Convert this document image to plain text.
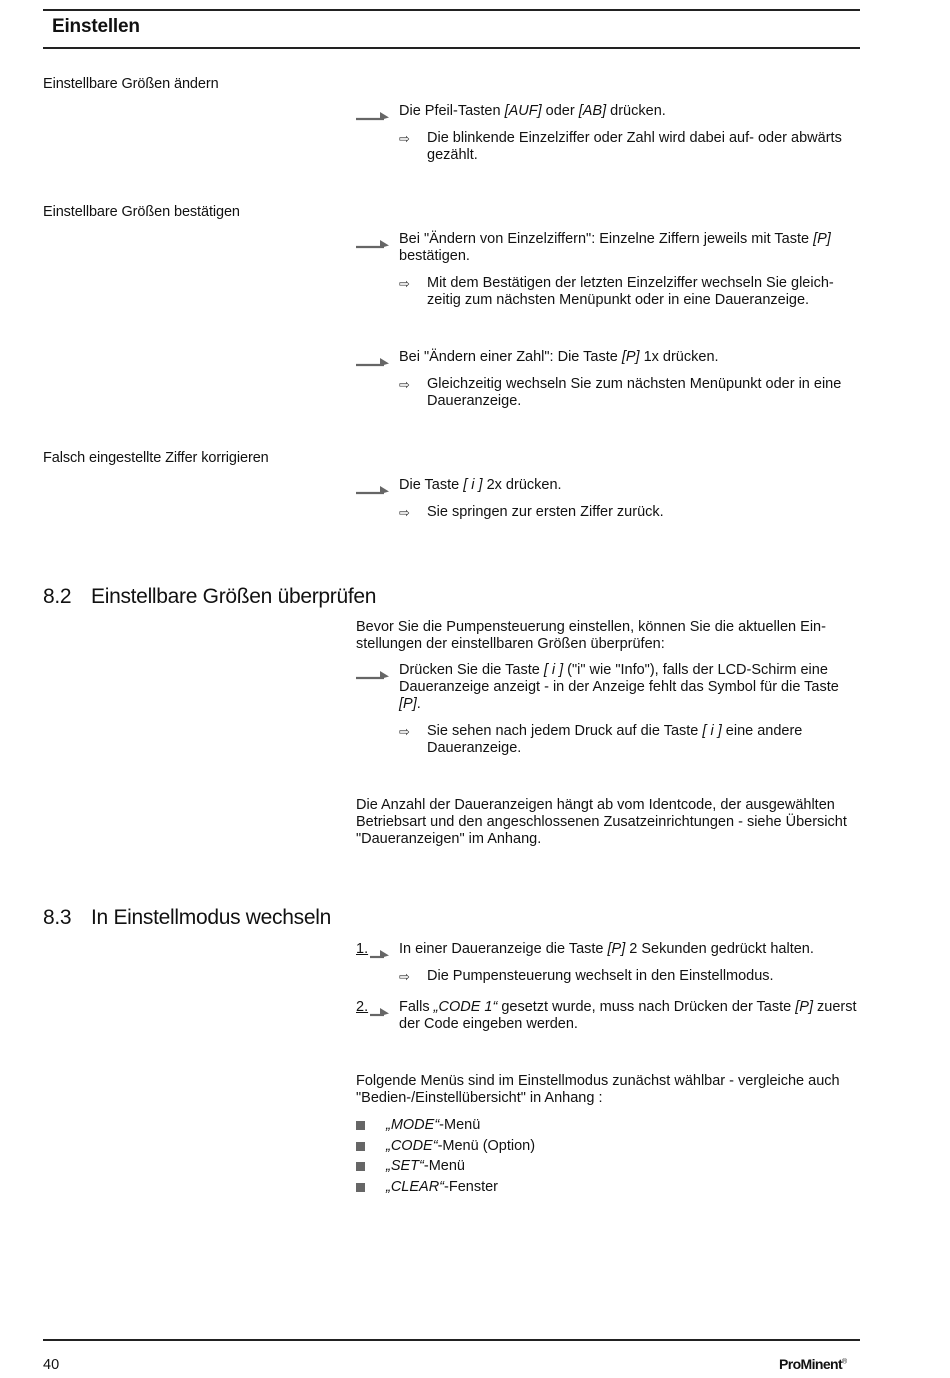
Einstellen
Einstellbare Größen ändern
Die Pfeil-Tasten [AUF] oder [AB] drücken.
⇨ Die blinkende Einzelziffer oder Zahl wird dabei auf- oder abwärts gezählt.
Einstellbare Größen bestätigen
Bei "Ändern von Einzelziffern": Einzelne Ziffern jeweils mit Taste [P] bestätigen.
⇨ Mit dem Bestätigen der letzten Einzelziffer wechseln Sie gleichzeitig zum nächsten Menüpunkt oder in eine Daueranzeige.
Bei "Ändern einer Zahl": Die Taste [P] 1x drücken.
⇨ Gleichzeitig wechseln Sie zum nächsten Menüpunkt oder in eine Daueranzeige.
Falsch eingestellte Ziffer korrigieren
Die Taste [ i ] 2x drücken.
⇨ Sie springen zur ersten Ziffer zurück.
8.2 Einstellbare Größen überprüfen
Bevor Sie die Pumpensteuerung einstellen, können Sie die aktuellen Einstellungen der einstellbaren Größen überprüfen:
Drücken Sie die Taste [ i ] ("i" wie "Info"), falls der LCD-Schirm eine Daueranzeige anzeigt - in der Anzeige fehlt das Symbol für die Taste [P].
⇨ Sie sehen nach jedem Druck auf die Taste [ i ] eine andere Daueranzeige.
Die Anzahl der Daueranzeigen hängt ab vom Identcode, der ausgewählten Betriebsart und den angeschlossenen Zusatzeinrichtungen - siehe Übersicht "Daueranzeigen" im Anhang.
8.3 In Einstellmodus wechseln
1. In einer Daueranzeige die Taste [P] 2 Sekunden gedrückt halten.
⇨ Die Pumpensteuerung wechselt in den Einstellmodus.
2. Falls „CODE 1“ gesetzt wurde, muss nach Drücken der Taste [P] zuerst der Code eingeben werden.
Folgende Menüs sind im Einstellmodus zunächst wählbar - vergleiche auch "Bedien-/Einstellübersicht" in Anhang :
„MODE“-Menü
„CODE“-Menü (Option)
„SET“-Menü
„CLEAR“-Fenster
40	ProMinent®
